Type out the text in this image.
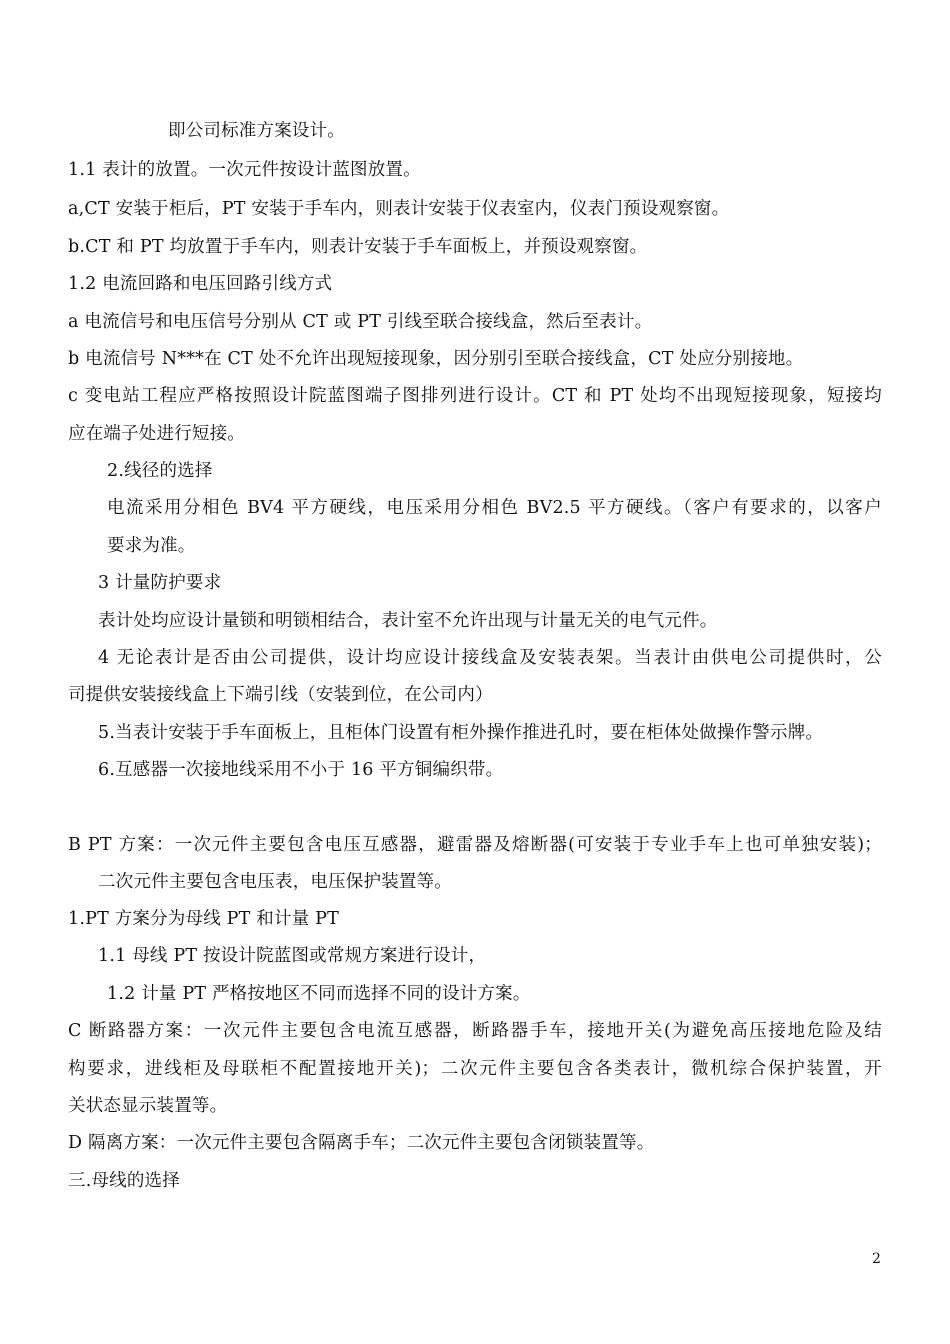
即公司标准方案设计。
1.1 表计的放置。一次元件按设计蓝图放置。
a,CT 安装于柜后，PT 安装于手车内，则表计安装于仪表室内，仪表门预设观察窗。
b.CT 和 PT 均放置于手车内，则表计安装于手车面板上，并预设观察窗。
1.2 电流回路和电压回路引线方式
a 电流信号和电压信号分别从 CT 或 PT 引线至联合接线盒，然后至表计。
b 电流信号 N***在 CT 处不允许出现短接现象，因分别引至联合接线盒，CT 处应分别接地。
c 变电站工程应严格按照设计院蓝图端子图排列进行设计。CT 和 PT 处均不出现短接现象，短接均
应在端子处进行短接。
2.线径的选择
电流采用分相色 BV4 平方硬线，电压采用分相色 BV2.5 平方硬线。（客户有要求的，以客户
要求为准。
3 计量防护要求
表计处均应设计量锁和明锁相结合，表计室不允许出现与计量无关的电气元件。
4 无论表计是否由公司提供，设计均应设计接线盒及安装表架。当表计由供电公司提供时，公
司提供安装接线盒上下端引线（安装到位，在公司内）
5.当表计安装于手车面板上，且柜体门设置有柜外操作推进孔时，要在柜体处做操作警示牌。
6.互感器一次接地线采用不小于 16 平方铜编织带。
B PT 方案：一次元件主要包含电压互感器，避雷器及熔断器(可安装于专业手车上也可单独安装)；
二次元件主要包含电压表，电压保护装置等。
1.PT 方案分为母线 PT 和计量 PT
1.1 母线 PT 按设计院蓝图或常规方案进行设计，
1.2 计量 PT 严格按地区不同而选择不同的设计方案。
C 断路器方案：一次元件主要包含电流互感器，断路器手车，接地开关(为避免高压接地危险及结
构要求，进线柜及母联柜不配置接地开关)；二次元件主要包含各类表计，微机综合保护装置，开
关状态显示装置等。
D 隔离方案：一次元件主要包含隔离手车；二次元件主要包含闭锁装置等。
三.母线的选择
2
